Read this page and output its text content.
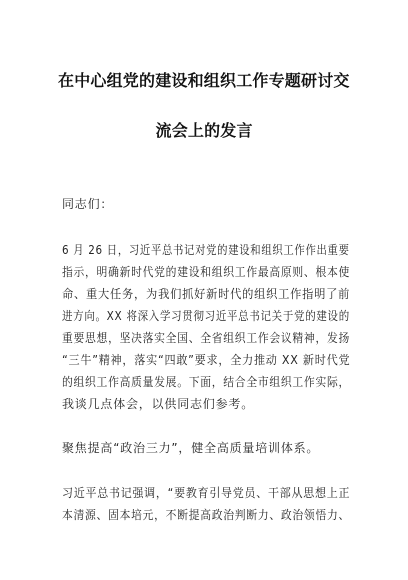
在中心组党的建设和组织工作专题研讨交
流会上的发言
同志们：
6 月 26 日，习近平总书记对党的建设和组织工作作出重要
指示，明确新时代党的建设和组织工作最高原则、根本使
命、重大任务，为我们抓好新时代的组织工作指明了前
进方向。XX 将深入学习贯彻习近平总书记关于党的建设的
重要思想，坚决落实全国、全省组织工作会议精神，发扬
“三牛”精神，落实“四敢”要求，全力推动 XX 新时代党
的组织工作高质量发展。下面，结合全市组织工作实际，
我谈几点体会，以供同志们参考。
聚焦提高“政治三力”，健全高质量培训体系。
习近平总书记强调，“要教育引导党员、干部从思想上正
本清源、固本培元，不断提高政治判断力、政治领悟力、
